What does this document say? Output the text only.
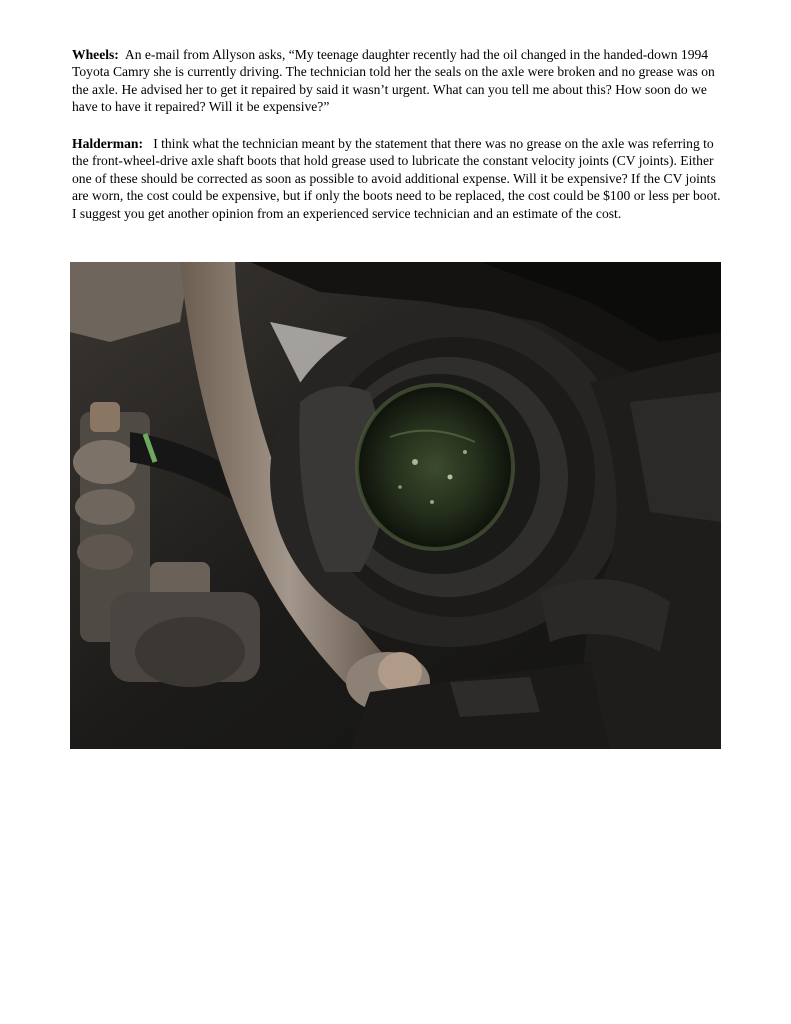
Wheels: An e-mail from Allyson asks, “My teenage daughter recently had the oil changed in the handed-down 1994 Toyota Camry she is currently driving. The technician told her the seals on the axle were broken and no grease was on the axle. He advised her to get it repaired by said it wasn’t urgent. What can you tell me about this? How soon do we have to have it repaired? Will it be expensive?”

Halderman: I think what the technician meant by the statement that there was no grease on the axle was referring to the front-wheel-drive axle shaft boots that hold grease used to lubricate the constant velocity joints (CV joints). Either one of these should be corrected as soon as possible to avoid additional expense. Will it be expensive? If the CV joints are worn, the cost could be expensive, but if only the boots need to be replaced, the cost could be $100 or less per boot. I suggest you get another opinion from an experienced service technician and an estimate of the cost.
